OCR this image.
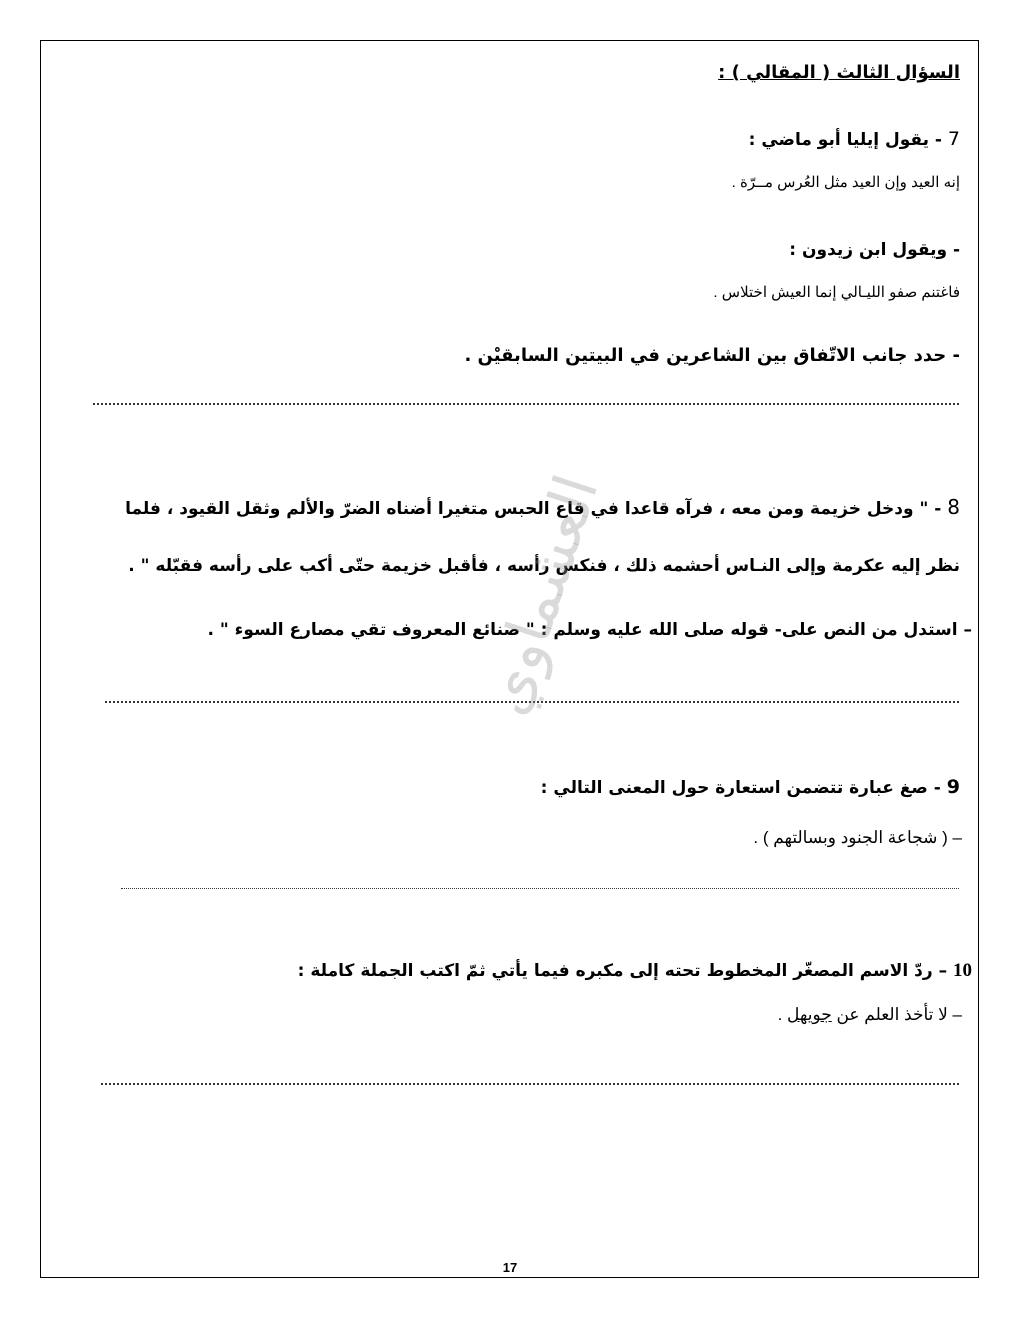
السؤال الثالث ( المقالي ) :
7 - يقول إيليا أبو ماضي :
إنه العيد وإن العيد مثل العُرس مــرّة .
- ويقول ابن زيدون :
فاغتنم صفو الليـالي إنما العيش اختلاس .
- حدد جانب الاتّفاق بين الشاعرين في البيتين السابقيْن .
8 - " ودخل خزيمة ومن معه ، فرآه قاعدا في قاع الحبس متغيرا أضناه الضرّ والألم وثقل القيود ، فلما
نظر إليه عكرمة وإلى النـاس أحشمه ذلك ، فنكس رأسه ، فأقبل خزيمة حتّى أكب على رأسه فقبّله " .
– استدل من النص على- قوله صلى الله عليه وسلم : " صنائع المعروف تقي مصارع السوء " .
9 - صغ عبارة تتضمن استعارة حول المعنى التالي :
– ( شجاعة الجنود وبسالتهم ) .
10 – ردّ الاسم المصغّر المخطوط تحته إلى مكبره فيما يأتي ثمّ اكتب الجملة كاملة :
– لا تأخذ العلم عن جويهل .
العشماوي
17
